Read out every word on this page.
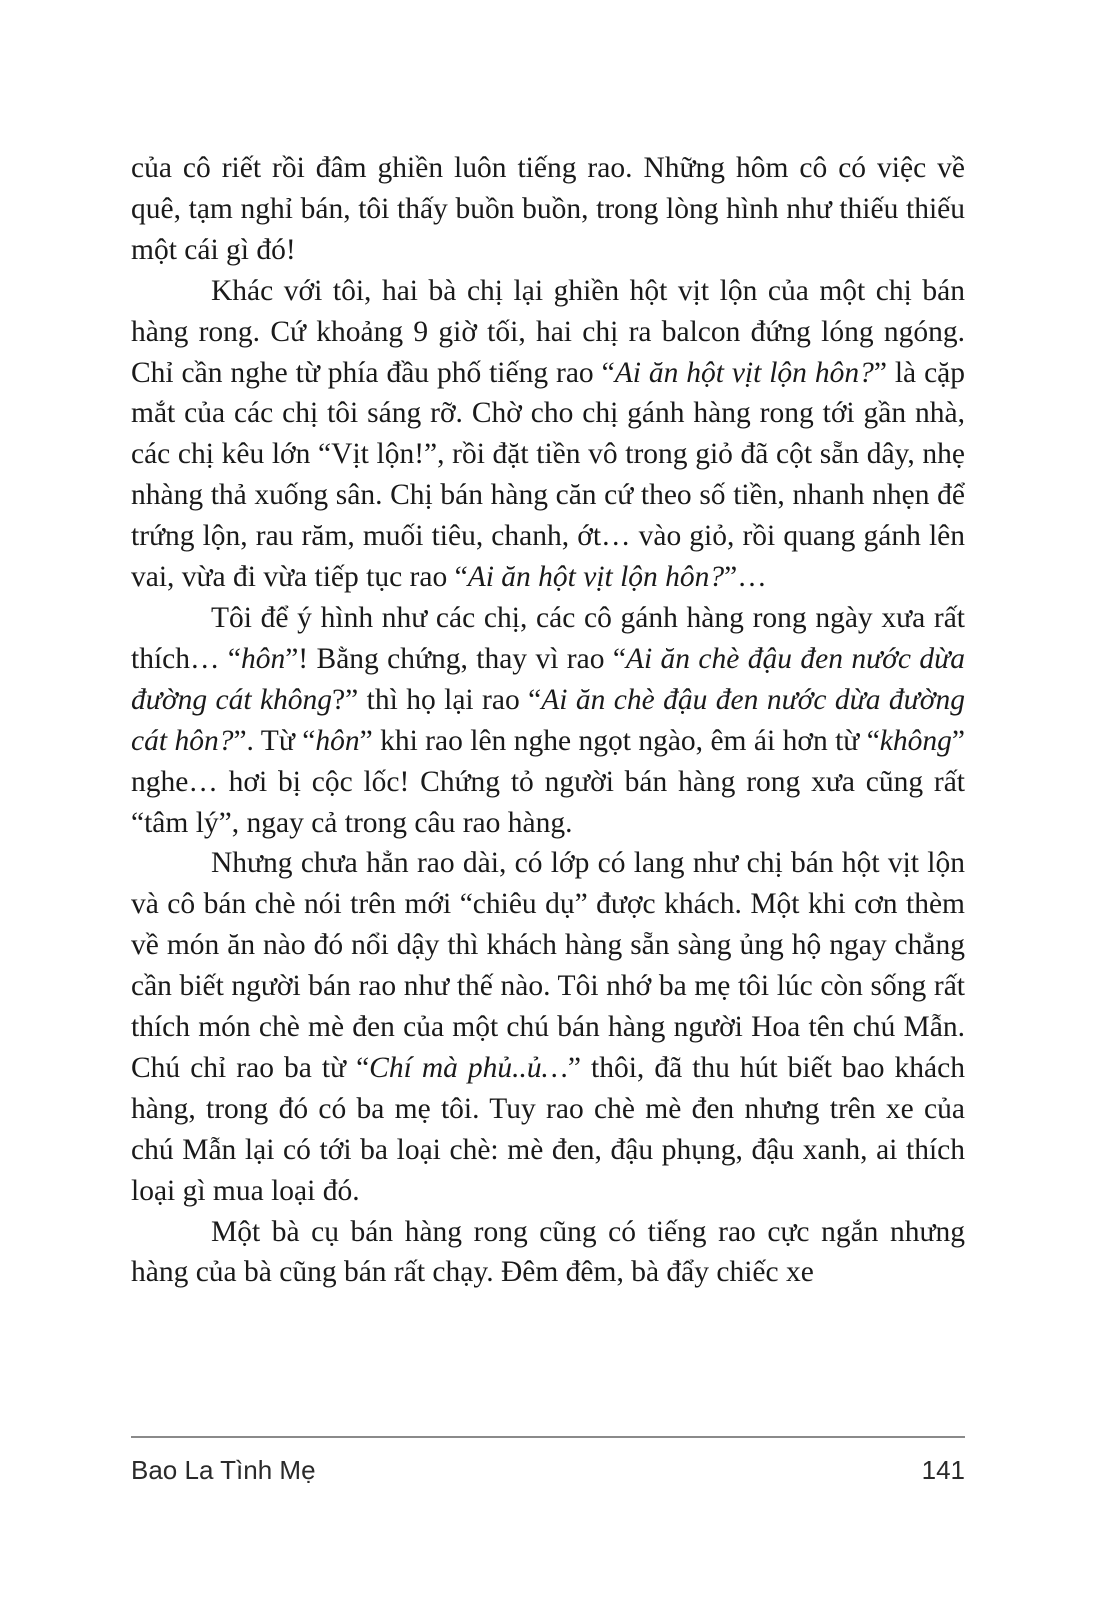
của cô riết rồi đâm ghiền luôn tiếng rao. Những hôm cô có việc về quê, tạm nghỉ bán, tôi thấy buồn buồn, trong lòng hình như thiếu thiếu một cái gì đó!

Khác với tôi, hai bà chị lại ghiền hột vịt lộn của một chị bán hàng rong. Cứ khoảng 9 giờ tối, hai chị ra balcon đứng lóng ngóng. Chỉ cần nghe từ phía đầu phố tiếng rao “Ai ăn hột vịt lộn hôn?” là cặp mắt của các chị tôi sáng rỡ. Chờ cho chị gánh hàng rong tới gần nhà, các chị kêu lớn “Vịt lộn!”, rồi đặt tiền vô trong giỏ đã cột sẵn dây, nhẹ nhàng thả xuống sân. Chị bán hàng căn cứ theo số tiền, nhanh nhẹn để trứng lộn, rau răm, muối tiêu, chanh, ớt… vào giỏ, rồi quang gánh lên vai, vừa đi vừa tiếp tục rao “Ai ăn hột vịt lộn hôn?”…

Tôi để ý hình như các chị, các cô gánh hàng rong ngày xưa rất thích… “hôn”! Bằng chứng, thay vì rao “Ai ăn chè đậu đen nước dừa đường cát không?” thì họ lại rao “Ai ăn chè đậu đen nước dừa đường cát hôn?”. Từ “hôn” khi rao lên nghe ngọt ngào, êm ái hơn từ “không” nghe… hơi bị cộc lốc! Chứng tỏ người bán hàng rong xưa cũng rất “tâm lý”, ngay cả trong câu rao hàng.

Nhưng chưa hẳn rao dài, có lớp có lang như chị bán hột vịt lộn và cô bán chè nói trên mới “chiêu dụ” được khách. Một khi cơn thèm về món ăn nào đó nổi dậy thì khách hàng sẵn sàng ủng hộ ngay chẳng cần biết người bán rao như thế nào. Tôi nhớ ba mẹ tôi lúc còn sống rất thích món chè mè đen của một chú bán hàng người Hoa tên chú Mẫn. Chú chỉ rao ba từ “Chí mà phủ..ủ…” thôi, đã thu hút biết bao khách hàng, trong đó có ba mẹ tôi. Tuy rao chè mè đen nhưng trên xe của chú Mẫn lại có tới ba loại chè: mè đen, đậu phụng, đậu xanh, ai thích loại gì mua loại đó.

Một bà cụ bán hàng rong cũng có tiếng rao cực ngắn nhưng hàng của bà cũng bán rất chạy. Đêm đêm, bà đẩy chiếc xe

Bao La Tình Mẹ	141
